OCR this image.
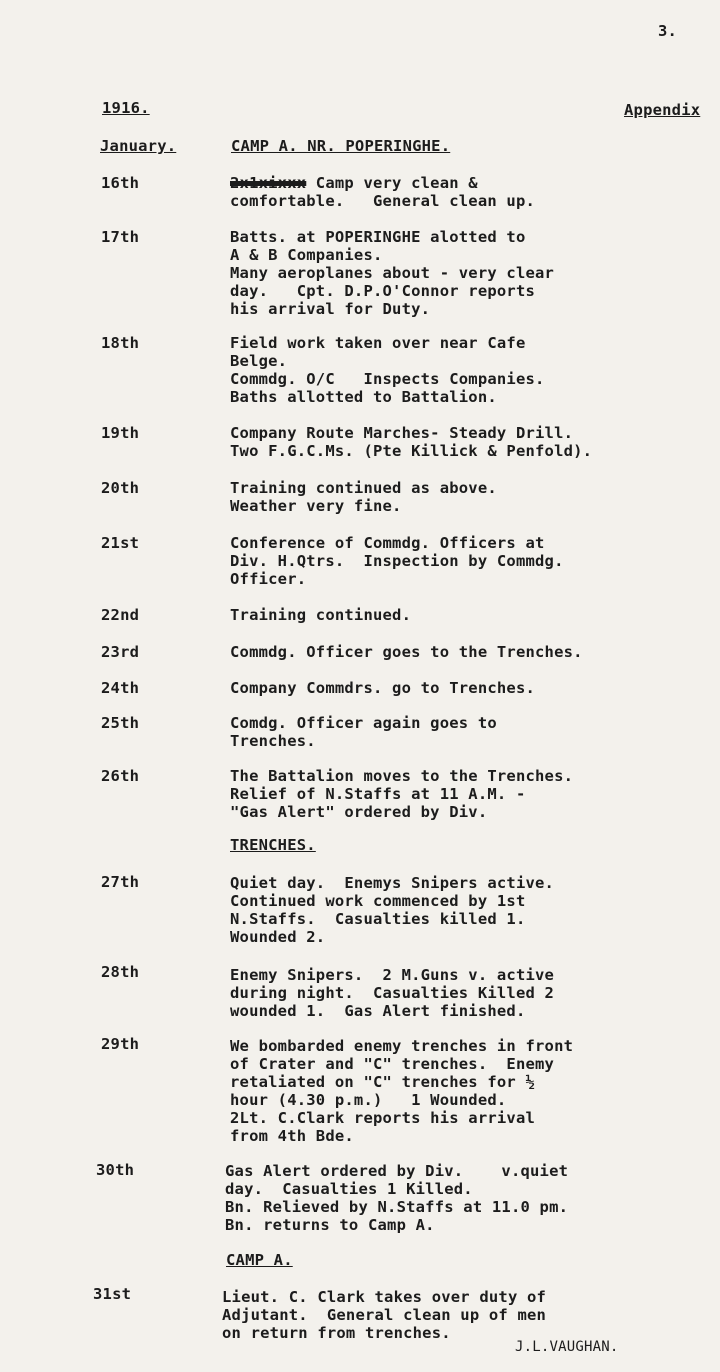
3.
1916.	Appendix
January.	CAMP A. NR. POPERINGHE.
TRENCHES.
CAMP A.
16th	2x1xixxx Camp very clean &
comfortable.   General clean up.
17th	Batts. at POPERINGHE alotted to
A & B Companies.
Many aeroplanes about - very clear
day.   Cpt. D.P.O'Connor reports
his arrival for Duty.
18th	Field work taken over near Cafe
Belge.
Commdg. O/C   Inspects Companies.
Baths allotted to Battalion.
19th	Company Route Marches- Steady Drill.
Two F.G.C.Ms. (Pte Killick & Penfold).
20th	Training continued as above.
Weather very fine.
21st	Conference of Commdg. Officers at
Div. H.Qtrs.  Inspection by Commdg.
Officer.
22nd	Training continued.
23rd	Commdg. Officer goes to the Trenches.
24th	Company Commdrs. go to Trenches.
25th	Comdg. Officer again goes to
Trenches.
26th	The Battalion moves to the Trenches.
Relief of N.Staffs at 11 A.M. -
"Gas Alert" ordered by Div.
27th	Quiet day.  Enemys Snipers active.
Continued work commenced by 1st
N.Staffs.  Casualties killed 1.
Wounded 2.
28th	Enemy Snipers.  2 M.Guns v. active
during night.  Casualties Killed 2
wounded 1.  Gas Alert finished.
29th	We bombarded enemy trenches in front
of Crater and "C" trenches.  Enemy
retaliated on "C" trenches for ½
hour (4.30 p.m.)   1 Wounded.
2Lt. C.Clark reports his arrival
from 4th Bde.
30th	Gas Alert ordered by Div.    v.quiet
day.  Casualties 1 Killed.
Bn. Relieved by N.Staffs at 11.0 pm.
Bn. returns to Camp A.
31st	Lieut. C. Clark takes over duty of
Adjutant.  General clean up of men
on return from trenches.
J.L.VAUGHAN.
